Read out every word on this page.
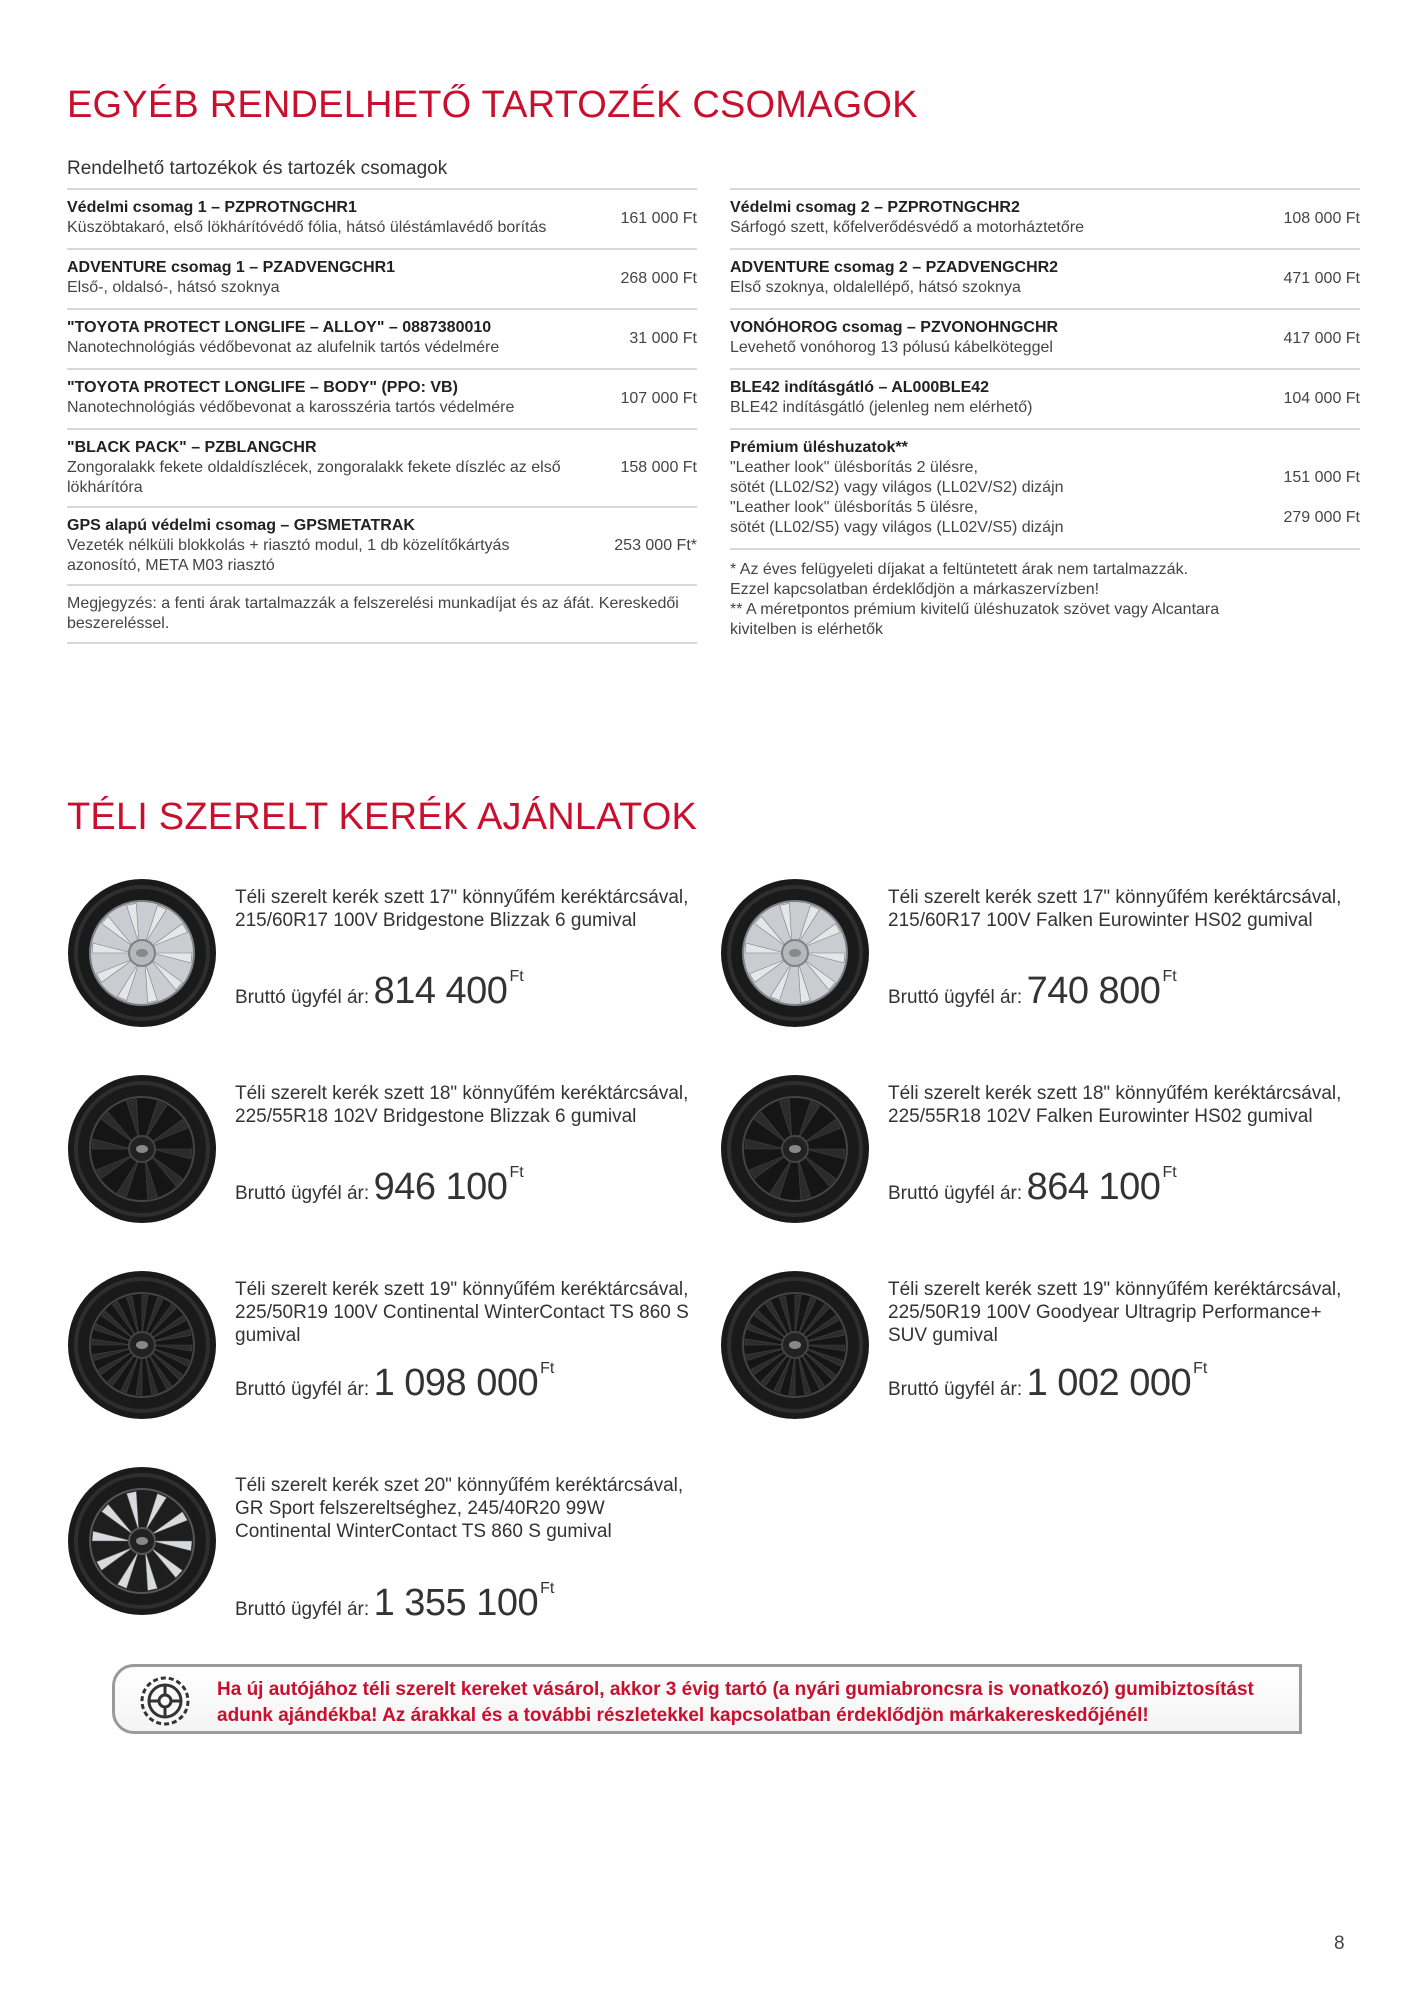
EGYÉB RENDELHETŐ TARTOZÉK CSOMAGOK
Rendelhető tartozékok és tartozék csomagok
Védelmi csomag 1 – PZPROTNGCHR1
Küszöbtakaró, első lökhárítóvédő fólia, hátsó üléstámlavédő borítás
161 000 Ft
ADVENTURE csomag 1 – PZADVENGCHR1
Első-, oldalsó-, hátsó szoknya
268 000 Ft
"TOYOTA PROTECT LONGLIFE – ALLOY" – 0887380010
Nanotechnológiás védőbevonat az alufelnik tartós védelmére
31 000 Ft
"TOYOTA PROTECT LONGLIFE – BODY" (PPO: VB)
Nanotechnológiás védőbevonat a karosszéria tartós védelmére
107 000 Ft
"BLACK PACK" – PZBLANGCHR
Zongoralakk fekete oldaldíszlécek, zongoralakk fekete díszléc az első lökhárítóra
158 000 Ft
GPS alapú védelmi csomag – GPSMETATRAK
Vezeték nélküli blokkolás + riasztó modul, 1 db közelítőkártyás azonosító, META M03 riasztó
253 000 Ft*
Megjegyzés: a fenti árak tartalmazzák a felszerelési munkadíjat és az áfát. Kereskedői beszereléssel.
Védelmi csomag 2 – PZPROTNGCHR2
Sárfogó szett, kőfelverődésvédő a motorháztetőre
108 000 Ft
ADVENTURE csomag 2 – PZADVENGCHR2
Első szoknya, oldalellépő, hátsó szoknya
471 000 Ft
VONÓHOROG csomag – PZVONOHNGCHR
Levehető vonóhorog 13 pólusú kábelköteggel
417 000 Ft
BLE42 indításgátló – AL000BLE42
BLE42 indításgátló (jelenleg nem elérhető)
104 000 Ft
Prémium üléshuzatok**
"Leather look" ülésborítás 2 ülésre,
sötét (LL02/S2) vagy világos (LL02V/S2) dizájn
"Leather look" ülésborítás 5 ülésre,
sötét (LL02/S5) vagy világos (LL02V/S5) dizájn
151 000 Ft
279 000 Ft
* Az éves felügyeleti díjakat a feltüntetett árak nem tartalmazzák.
Ezzel kapcsolatban érdeklődjön a márkaszervízben!
** A méretpontos prémium kivitelű üléshuzatok szövet vagy Alcantara
kivitelben is elérhetők
TÉLI SZERELT KERÉK AJÁNLATOK
Téli szerelt kerék szett 17" könnyűfém keréktárcsával, 215/60R17 100V Bridgestone Blizzak 6 gumival
Bruttó ügyfél ár: 814 400 Ft
Téli szerelt kerék szett 17" könnyűfém keréktárcsával, 215/60R17 100V Falken Eurowinter HS02 gumival
Bruttó ügyfél ár: 740 800 Ft
Téli szerelt kerék szett 18" könnyűfém keréktárcsával, 225/55R18 102V Bridgestone Blizzak 6 gumival
Bruttó ügyfél ár: 946 100 Ft
Téli szerelt kerék szett 18" könnyűfém keréktárcsával, 225/55R18 102V Falken Eurowinter HS02 gumival
Bruttó ügyfél ár: 864 100 Ft
Téli szerelt kerék szett 19" könnyűfém keréktárcsával, 225/50R19 100V Continental WinterContact TS 860 S gumival
Bruttó ügyfél ár: 1 098 000 Ft
Téli szerelt kerék szett 19" könnyűfém keréktárcsával, 225/50R19 100V Goodyear Ultragrip Performance+ SUV gumival
Bruttó ügyfél ár: 1 002 000 Ft
Téli szerelt kerék szet 20" könnyűfém keréktárcsával, GR Sport felszereltséghez, 245/40R20 99W Continental WinterContact TS 860 S gumival
Bruttó ügyfél ár: 1 355 100 Ft
Ha új autójához téli szerelt kereket vásárol, akkor 3 évig tartó (a nyári gumiabroncsra is vonatkozó) gumibiztosítást adunk ajándékba! Az árakkal és a további részletekkel kapcsolatban érdeklődjön márkakereskedőjénél!
8
